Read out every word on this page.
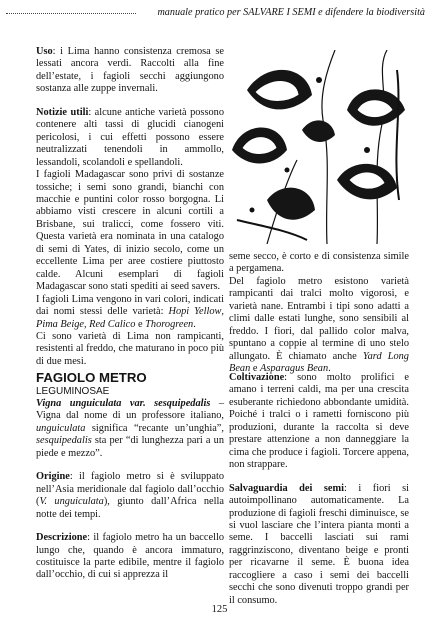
manuale pratico per SALVARE I SEMI e difendere la biodiversità

Uso: i Lima hanno consistenza cremosa se lessati ancora verdi. Raccolti alla fine dell’estate, i fagioli secchi aggiungono sostanza alle zuppe invernali.

Notizie utili: alcune antiche varietà possono contenere alti tassi di glucidi cianogeni pericolosi, i cui effetti possono essere neutralizzati tenendoli in ammollo, lessandoli, scolandoli e spellandoli.

I fagioli Madagascar sono privi di sostanze tossiche; i semi sono grandi, bianchi con macchie e puntini color rosso borgogna. Li abbiamo visti crescere in alcuni cortili a Brisbane, sui tralicci, come fossero viti. Questa varietà era nominata in una catalogo di semi di Yates, di inizio secolo, come un eccellente Lima per aree costiere piuttosto calde. Alcuni esemplari di fagioli Madagascar sono stati spediti ai seed savers.

I fagioli Lima vengono in vari colori, indicati dai nomi stessi delle varietà: Hopi Yellow, Pima Beige, Red Calico e Thorogreen.

Ci sono varietà di Lima non rampicanti, resistenti al freddo, che maturano in poco più di due mesi.

seme secco, è corto e di consistenza simile a pergamena.

Del fagiolo metro esistono varietà rampicanti dai tralci molto vigorosi, e varietà nane. Entrambi i tipi sono adatti a climi dalle estati lunghe, sono sensibili al freddo. I fiori, dal pallido color malva, spuntano a coppie al termine di uno stelo allungato. È chiamato anche Yard Long Bean e Asparagus Bean.

FAGIOLO METRO

LEGUMINOSAE

Vigna unguiculata var. sesquipedalis – Vigna dal nome di un professore italiano, unguiculata significa “recante un’unghia”, sesquipedalis sta per “di lunghezza pari a un piede e mezzo”.

Origine: il fagiolo metro si è sviluppato nell’Asia meridionale dal fagiolo dall’occhio (V. unguiculata), giunto dall’Africa nella notte dei tempi.

Descrizione: il fagiolo metro ha un baccello lungo che, quando è ancora immaturo, costituisce la parte edibile, mentre il fagiolo dall’occhio, di cui si apprezza il

Coltivazione: sono molto prolifici e amano i terreni caldi, ma per una crescita esuberante richiedono abbondante umidità. Poiché i tralci o i rametti forniscono più produzioni, durante la raccolta si deve prestare attenzione a non danneggiare la cima che produce i fagioli. Torcere appena, non strappare.

Salvaguardia dei semi: i fiori si autoimpollinano automaticamente. La produzione di fagioli freschi diminuisce, se si vuol lasciare che l’intera pianta monti a seme. I baccelli lasciati sui rami raggrinziscono, diventano beige e pronti per ricavarne il seme. È buona idea raccogliere a caso i semi dei baccelli secchi che sono divenuti troppo grandi per il consumo.

125
